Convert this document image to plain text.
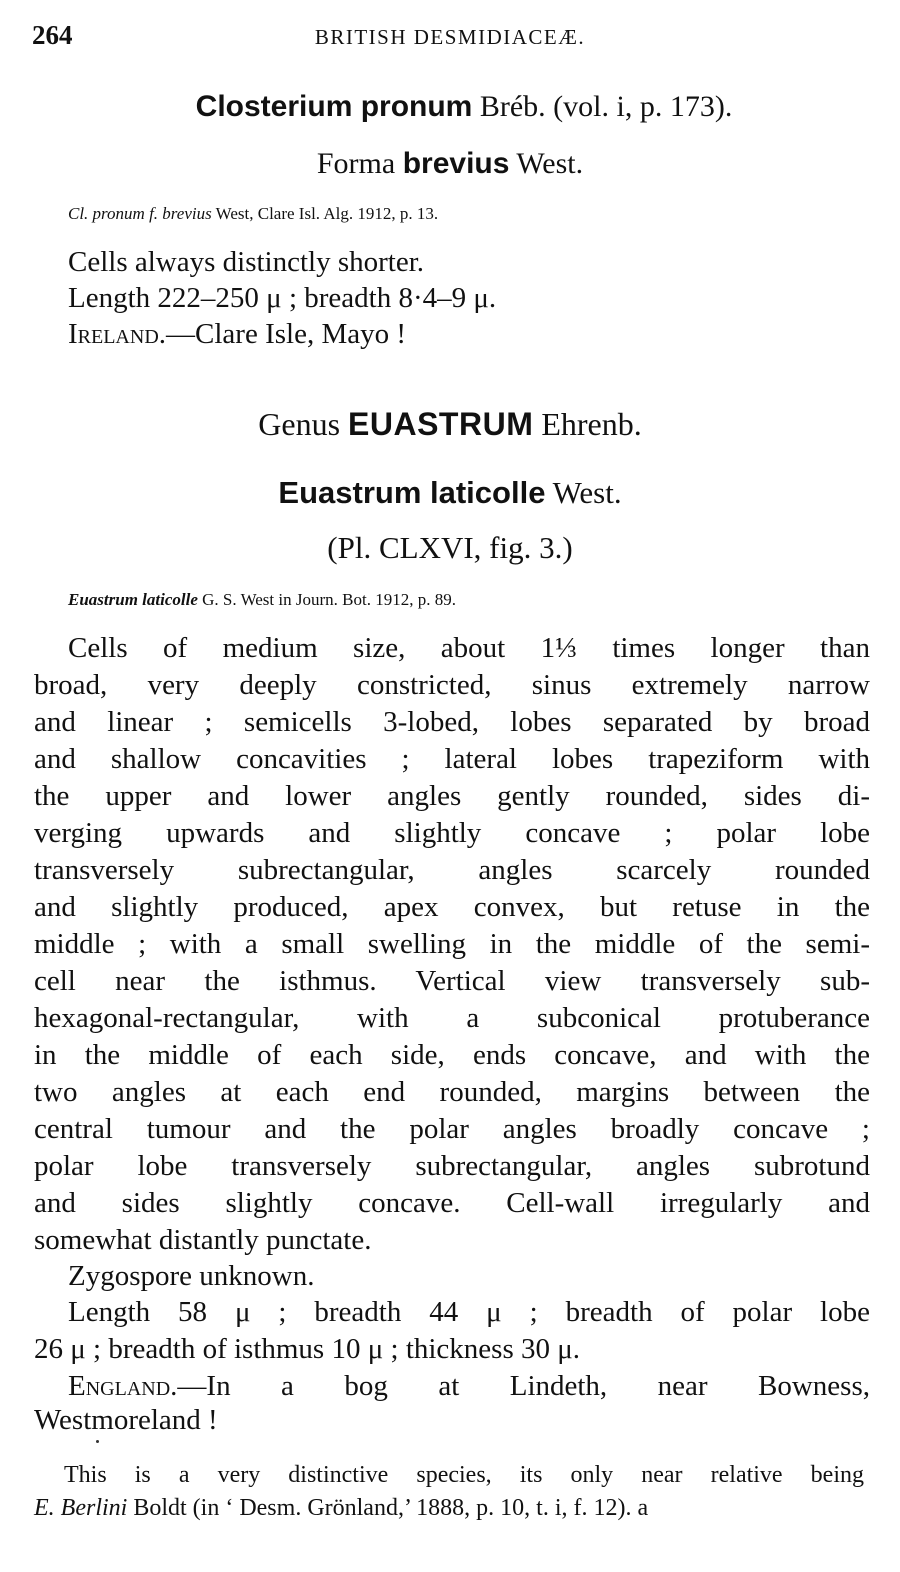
264	BRITISH DESMIDIACEÆ.
Closterium pronum Bréb. (vol. i, p. 173).
Forma brevius West.
Cl. pronum f. brevius West, Clare Isl. Alg. 1912, p. 13.
Cells always distinctly shorter.
Length 222–250 μ ; breadth 8·4–9 μ.
Ireland.—Clare Isle, Mayo !
Genus EUASTRUM Ehrenb.
Euastrum laticolle West.
(Pl. CLXVI, fig. 3.)
Euastrum laticolle G. S. West in Journ. Bot. 1912, p. 89.
Cells of medium size, about 1⅓ times longer than
broad, very deeply constricted, sinus extremely narrow
and linear ; semicells 3-lobed, lobes separated by broad
and shallow concavities ; lateral lobes trapeziform with
the upper and lower angles gently rounded, sides di-
verging upwards and slightly concave ; polar lobe
transversely subrectangular, angles scarcely rounded
and slightly produced, apex convex, but retuse in the
middle ; with a small swelling in the middle of the semi-
cell near the isthmus. Vertical view transversely sub-
hexagonal-rectangular, with a subconical protuberance
in the middle of each side, ends concave, and with the
two angles at each end rounded, margins between the
central tumour and the polar angles broadly concave ;
polar lobe transversely subrectangular, angles subrotund
and sides slightly concave. Cell-wall irregularly and
somewhat distantly punctate.
Zygospore unknown.
Length 58 μ ; breadth 44 μ ; breadth of polar lobe
26 μ ; breadth of isthmus 10 μ ; thickness 30 μ.
England.—In a bog at Lindeth, near Bowness,
Westmoreland !
This is a very distinctive species, its only near relative being
E. Berlini Boldt (in ‘ Desm. Grönland,’ 1888, p. 10, t. i, f. 12). a
